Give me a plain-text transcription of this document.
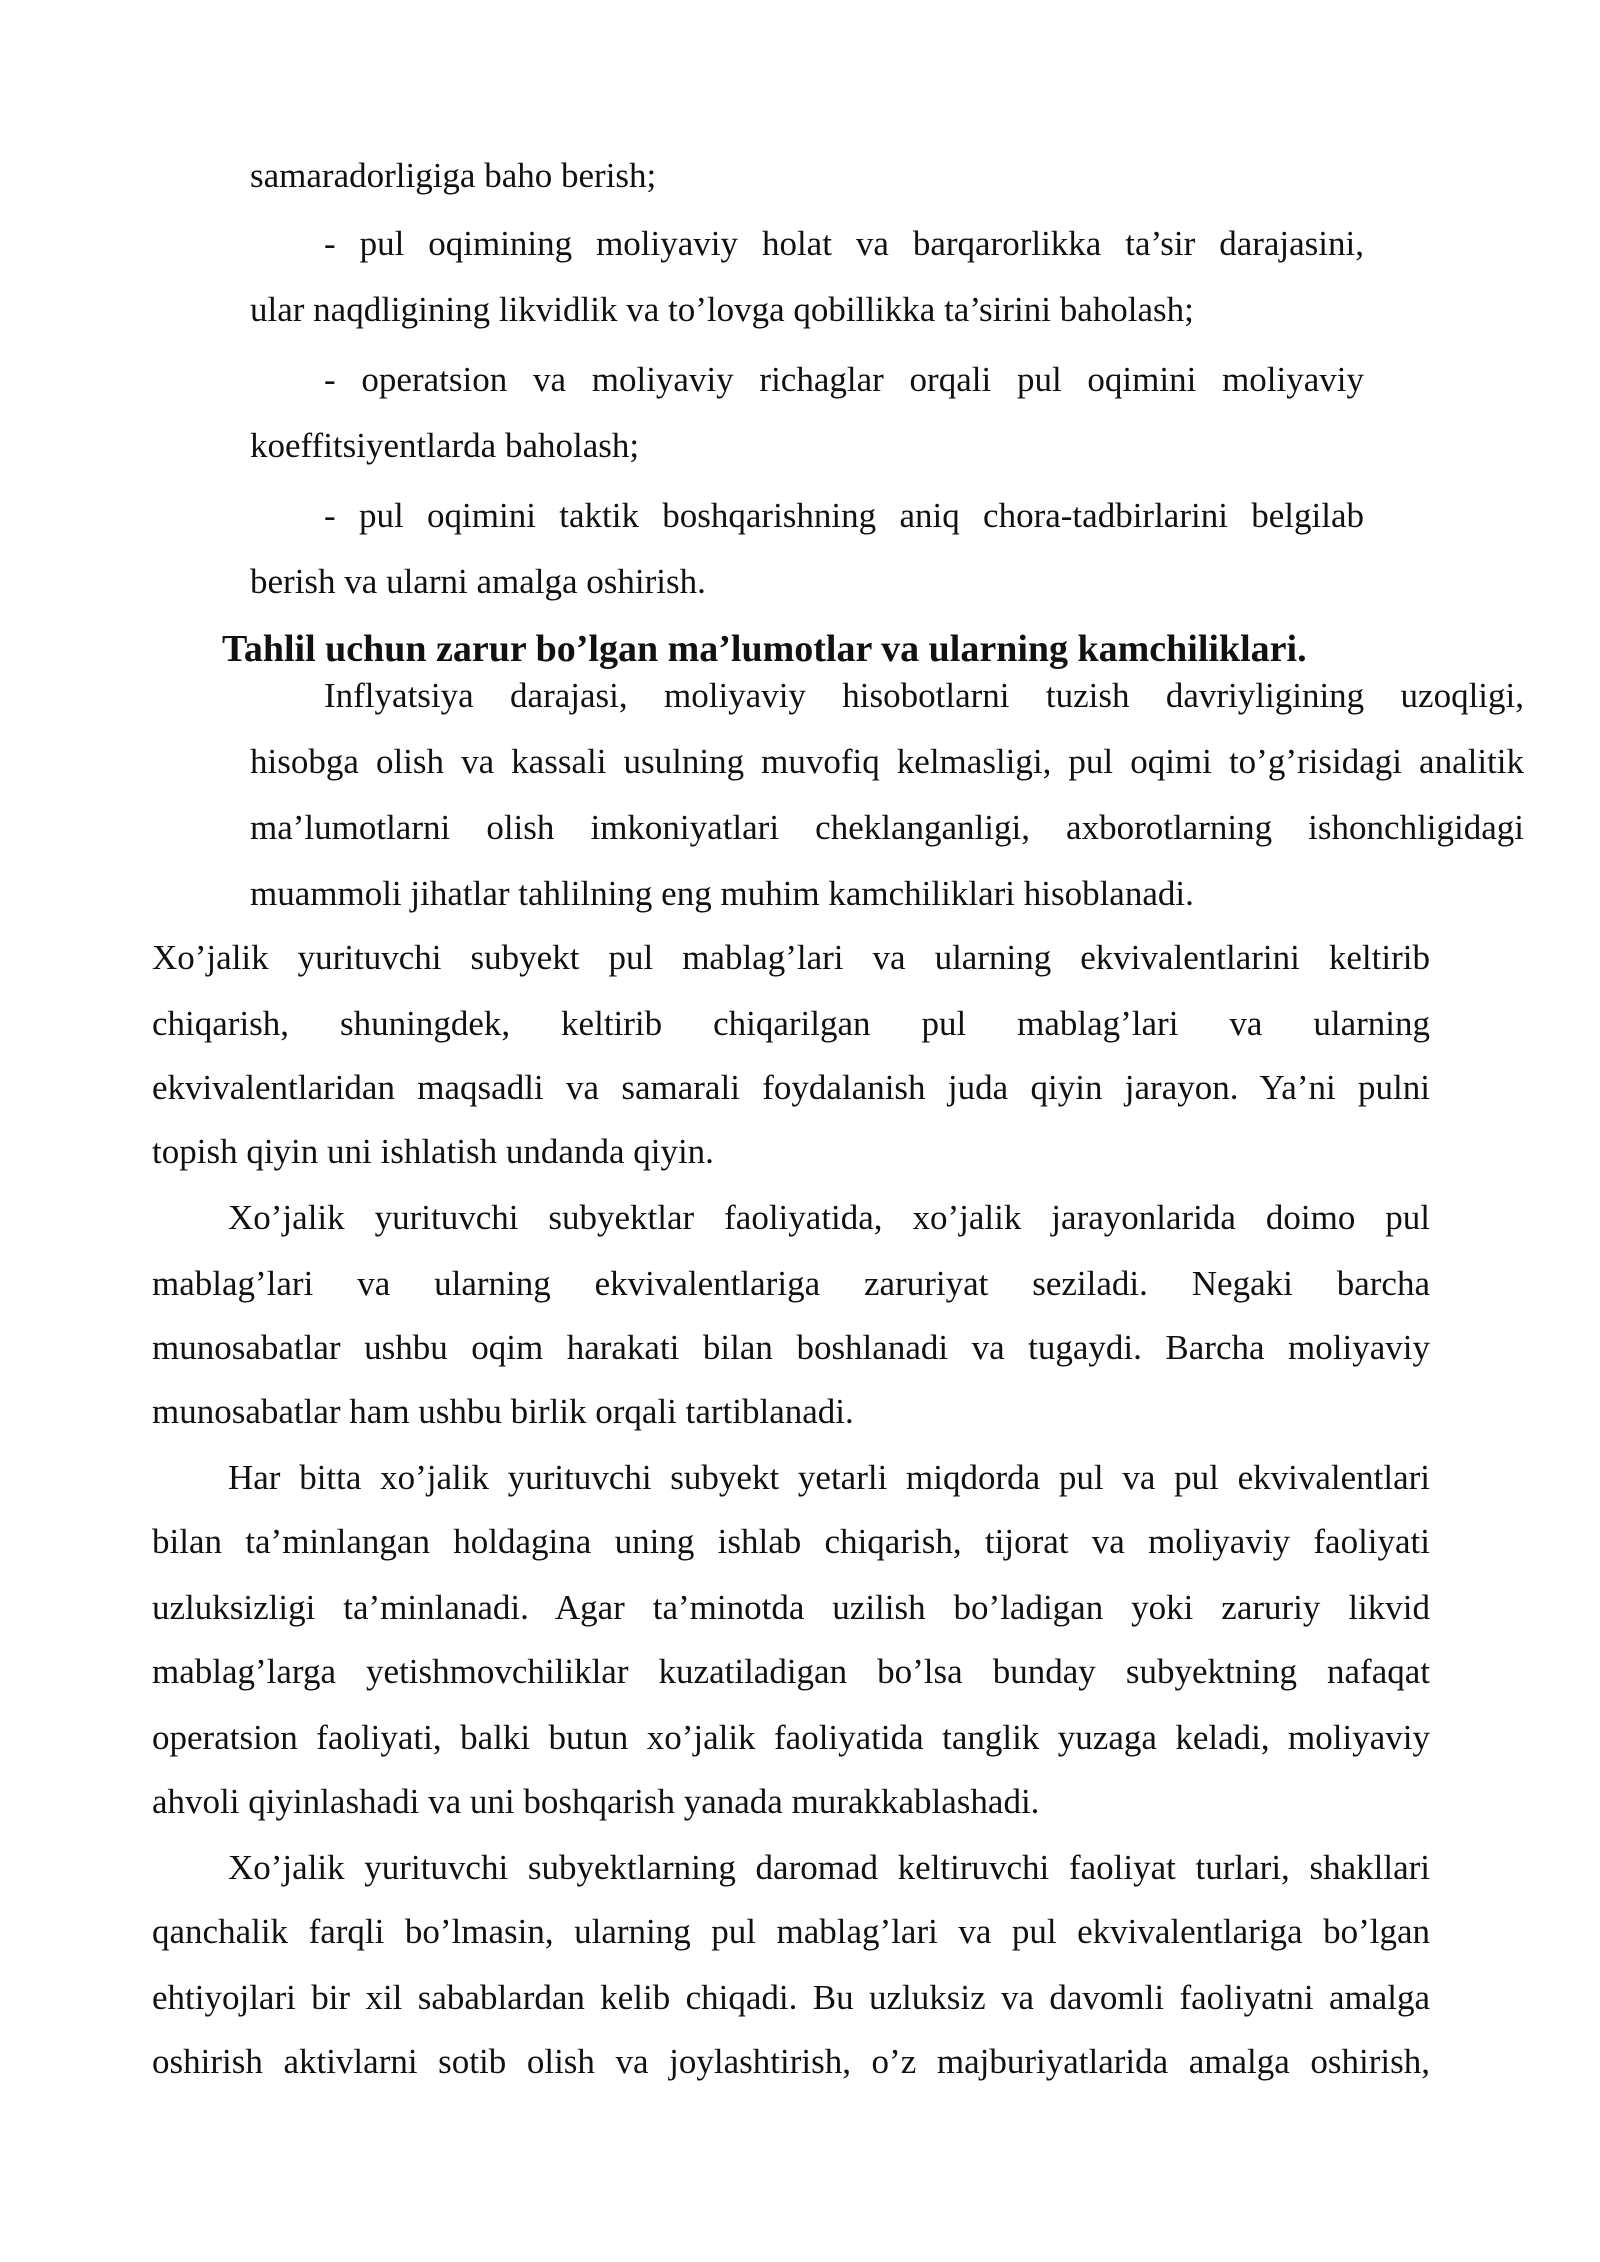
samaradorligiga baho berish;

- pul oqimining moliyaviy holat va barqarorlikka ta’sir darajasini,

ular naqdligining likvidlik va to’lovga qobillikka ta’sirini baholash;

- operatsion va moliyaviy richaglar orqali pul oqimini moliyaviy

koeffitsiyentlarda baholash;

- pul oqimini taktik boshqarishning aniq chora-tadbirlarini belgilab

berish va ularni amalga oshirish.

Tahlil uchun zarur bo’lgan ma’lumotlar va ularning kamchiliklari.

Inflyatsiya darajasi, moliyaviy hisobotlarni tuzish davriyligining uzoqligi,

hisobga olish va kassali usulning muvofiq kelmasligi, pul oqimi to’g’risidagi analitik

ma’lumotlarni olish imkoniyatlari cheklanganligi, axborotlarning ishonchligidagi

muammoli jihatlar tahlilning eng muhim kamchiliklari hisoblanadi.

Xo’jalik yurituvchi subyekt pul mablag’lari va ularning ekvivalentlarini keltirib

chiqarish, shuningdek, keltirib chiqarilgan pul mablag’lari va ularning

ekvivalentlaridan maqsadli va samarali foydalanish juda qiyin jarayon. Ya’ni pulni

topish qiyin uni ishlatish undanda qiyin.

Xo’jalik yurituvchi subyektlar faoliyatida, xo’jalik jarayonlarida doimo pul

mablag’lari va ularning ekvivalentlariga zaruriyat seziladi. Negaki barcha

munosabatlar ushbu oqim harakati bilan boshlanadi va tugaydi. Barcha moliyaviy

munosabatlar ham ushbu birlik orqali tartiblanadi.

Har bitta xo’jalik yurituvchi subyekt yetarli miqdorda pul va pul ekvivalentlari

bilan ta’minlangan holdagina uning ishlab chiqarish, tijorat va moliyaviy faoliyati

uzluksizligi ta’minlanadi. Agar ta’minotda uzilish bo’ladigan yoki zaruriy likvid

mablag’larga yetishmovchiliklar kuzatiladigan bo’lsa bunday subyektning nafaqat

operatsion faoliyati, balki butun xo’jalik faoliyatida tanglik yuzaga keladi, moliyaviy

ahvoli qiyinlashadi va uni boshqarish yanada murakkablashadi.

Xo’jalik yurituvchi subyektlarning daromad keltiruvchi faoliyat turlari, shakllari

qanchalik farqli bo’lmasin, ularning pul mablag’lari va pul ekvivalentlariga bo’lgan

ehtiyojlari bir xil sabablardan kelib chiqadi. Bu uzluksiz va davomli faoliyatni amalga

oshirish aktivlarni sotib olish va joylashtirish, o’z majburiyatlarida amalga oshirish,
